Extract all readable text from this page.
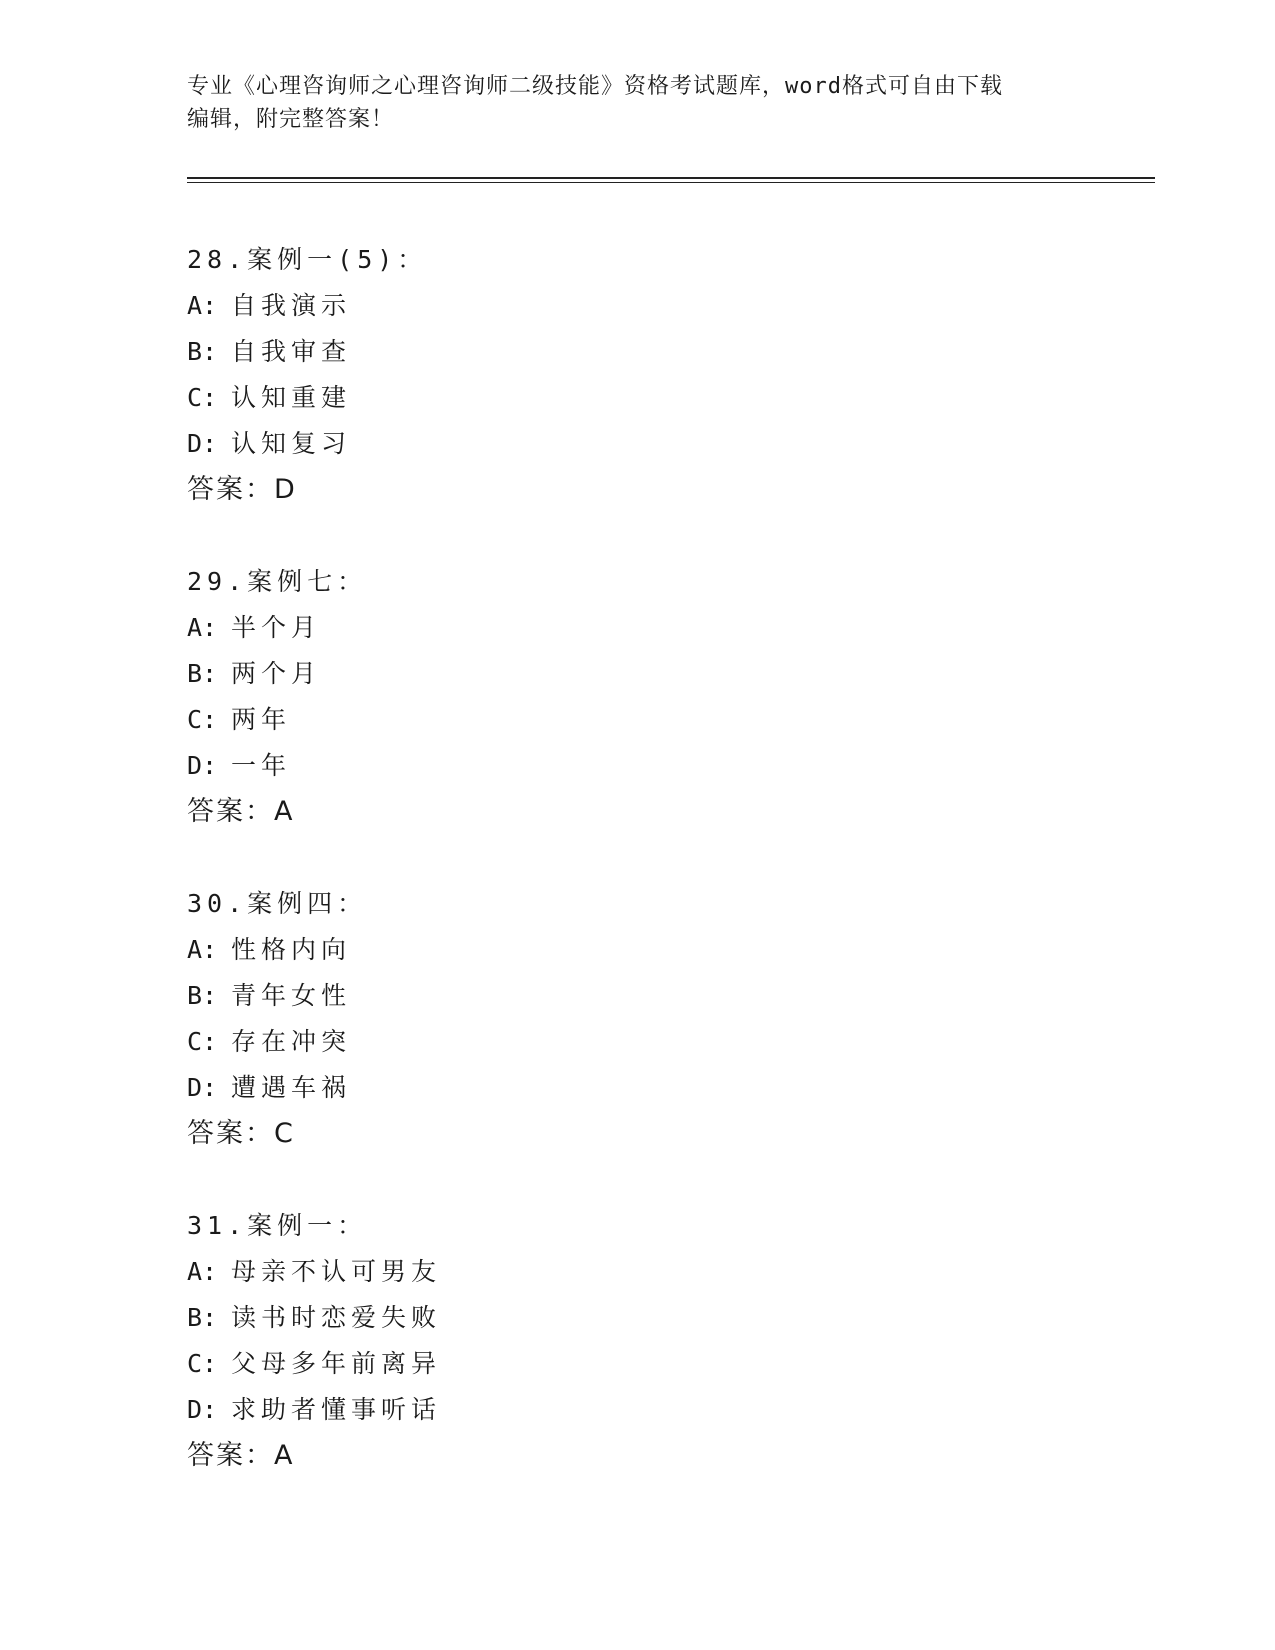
专业《心理咨询师之心理咨询师二级技能》资格考试题库，word格式可自由下载
编辑，附完整答案！
28.案例一(5)：
A: 自我演示
B: 自我审查
C: 认知重建
D: 认知复习
答案：D
29.案例七：
A: 半个月
B: 两个月
C: 两年
D: 一年
答案：A
30.案例四：
A: 性格内向
B: 青年女性
C: 存在冲突
D: 遭遇车祸
答案：C
31.案例一：
A: 母亲不认可男友
B: 读书时恋爱失败
C: 父母多年前离异
D: 求助者懂事听话
答案：A
